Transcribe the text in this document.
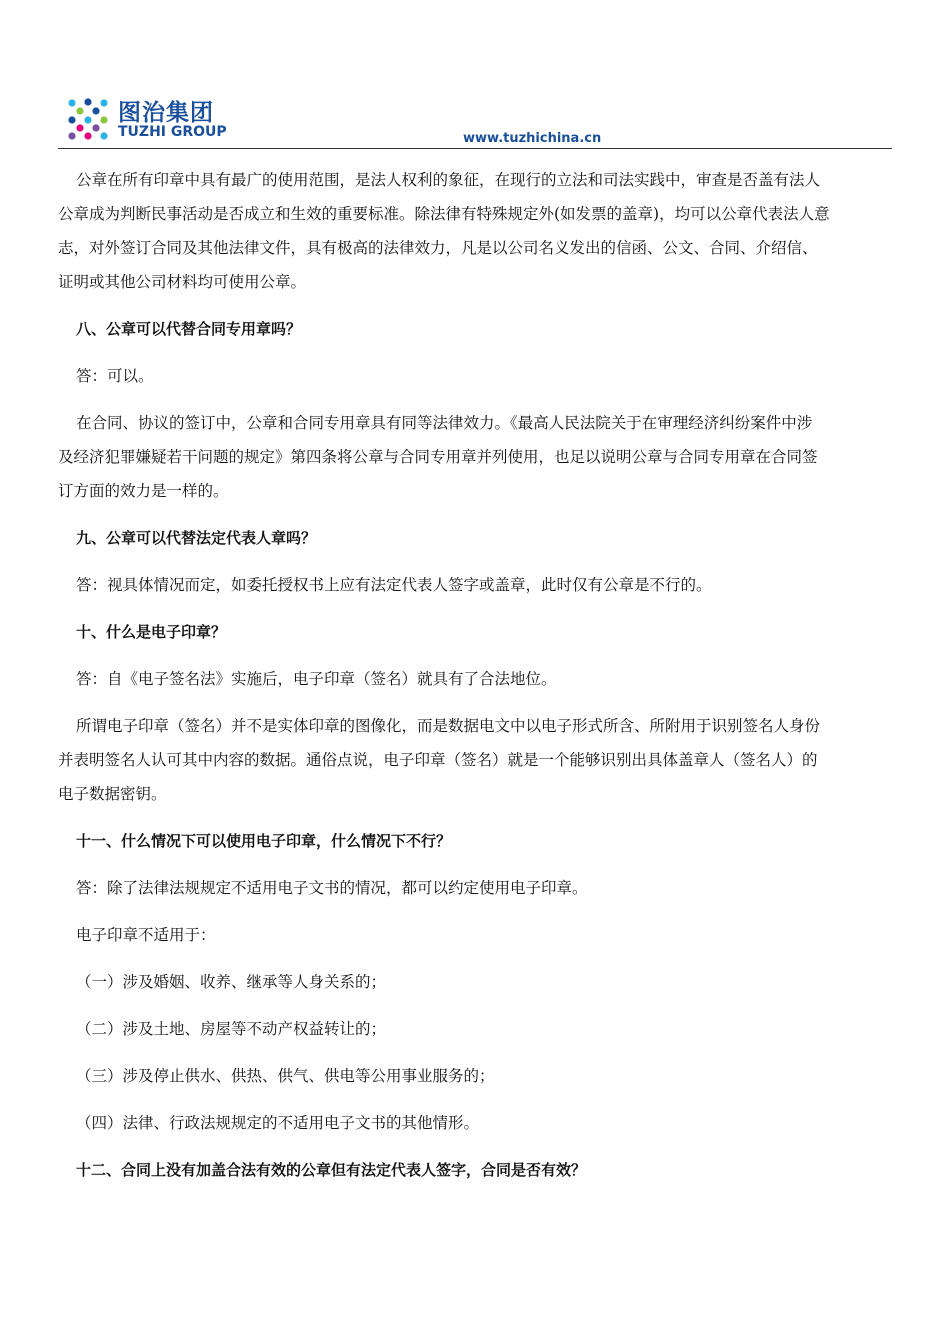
图治集团
TUZHI GROUP	www.tuzhichina.cn

公章在所有印章中具有最广的使用范围，是法人权利的象征，在现行的立法和司法实践中，审查是否盖有法人

公章成为判断民事活动是否成立和生效的重要标准。除法律有特殊规定外(如发票的盖章)，均可以公章代表法人意

志，对外签订合同及其他法律文件，具有极高的法律效力，凡是以公司名义发出的信函、公文、合同、介绍信、

证明或其他公司材料均可使用公章。

八、公章可以代替合同专用章吗？

答：可以。

在合同、协议的签订中，公章和合同专用章具有同等法律效力。《最高人民法院关于在审理经济纠纷案件中涉

及经济犯罪嫌疑若干问题的规定》第四条将公章与合同专用章并列使用，也足以说明公章与合同专用章在合同签

订方面的效力是一样的。

九、公章可以代替法定代表人章吗？

答：视具体情况而定，如委托授权书上应有法定代表人签字或盖章，此时仅有公章是不行的。

十、什么是电子印章？

答：自《电子签名法》实施后，电子印章（签名）就具有了合法地位。

所谓电子印章（签名）并不是实体印章的图像化，而是数据电文中以电子形式所含、所附用于识别签名人身份

并表明签名人认可其中内容的数据。通俗点说，电子印章（签名）就是一个能够识别出具体盖章人（签名人）的

电子数据密钥。

十一、什么情况下可以使用电子印章，什么情况下不行？

答：除了法律法规规定不适用电子文书的情况，都可以约定使用电子印章。

电子印章不适用于：

（一）涉及婚姻、收养、继承等人身关系的；

（二）涉及土地、房屋等不动产权益转让的；

（三）涉及停止供水、供热、供气、供电等公用事业服务的；

（四）法律、行政法规规定的不适用电子文书的其他情形。

十二、合同上没有加盖合法有效的公章但有法定代表人签字，合同是否有效？
